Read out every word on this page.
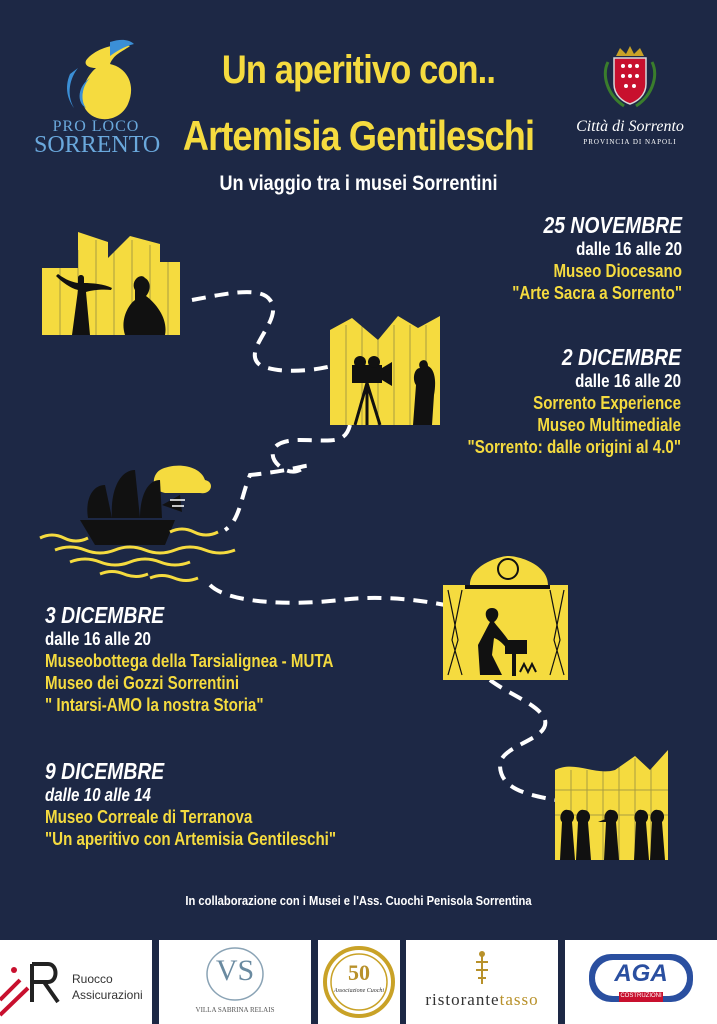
PRO LOCO
SORRENTO
Città di Sorrento
PROVINCIA DI NAPOLI
Un aperitivo con..
Artemisia Gentileschi
Un viaggio tra i musei Sorrentini
25 NOVEMBRE
dalle 16 alle 20
Museo Diocesano
"Arte Sacra a Sorrento"
2 DICEMBRE
dalle 16 alle 20
Sorrento Experience
Museo Multimediale
"Sorrento: dalle origini al 4.0"
3 DICEMBRE
dalle 16 alle 20
Museobottega della Tarsialignea - MUTA
Museo dei Gozzi Sorrentini
" Intarsi-AMO la nostra Storia"
9 DICEMBRE
dalle 10 alle 14
Museo Correale di Terranova
"Un aperitivo con Artemisia Gentileschi"
In collaborazione con i Musei e l'Ass. Cuochi Penisola Sorrentina
Ruocco
Assicurazioni
VS
VILLA SABRINA RELAIS
50
Associazione Cuochi	ristorantetasso
AGA
COSTRUZIONI
